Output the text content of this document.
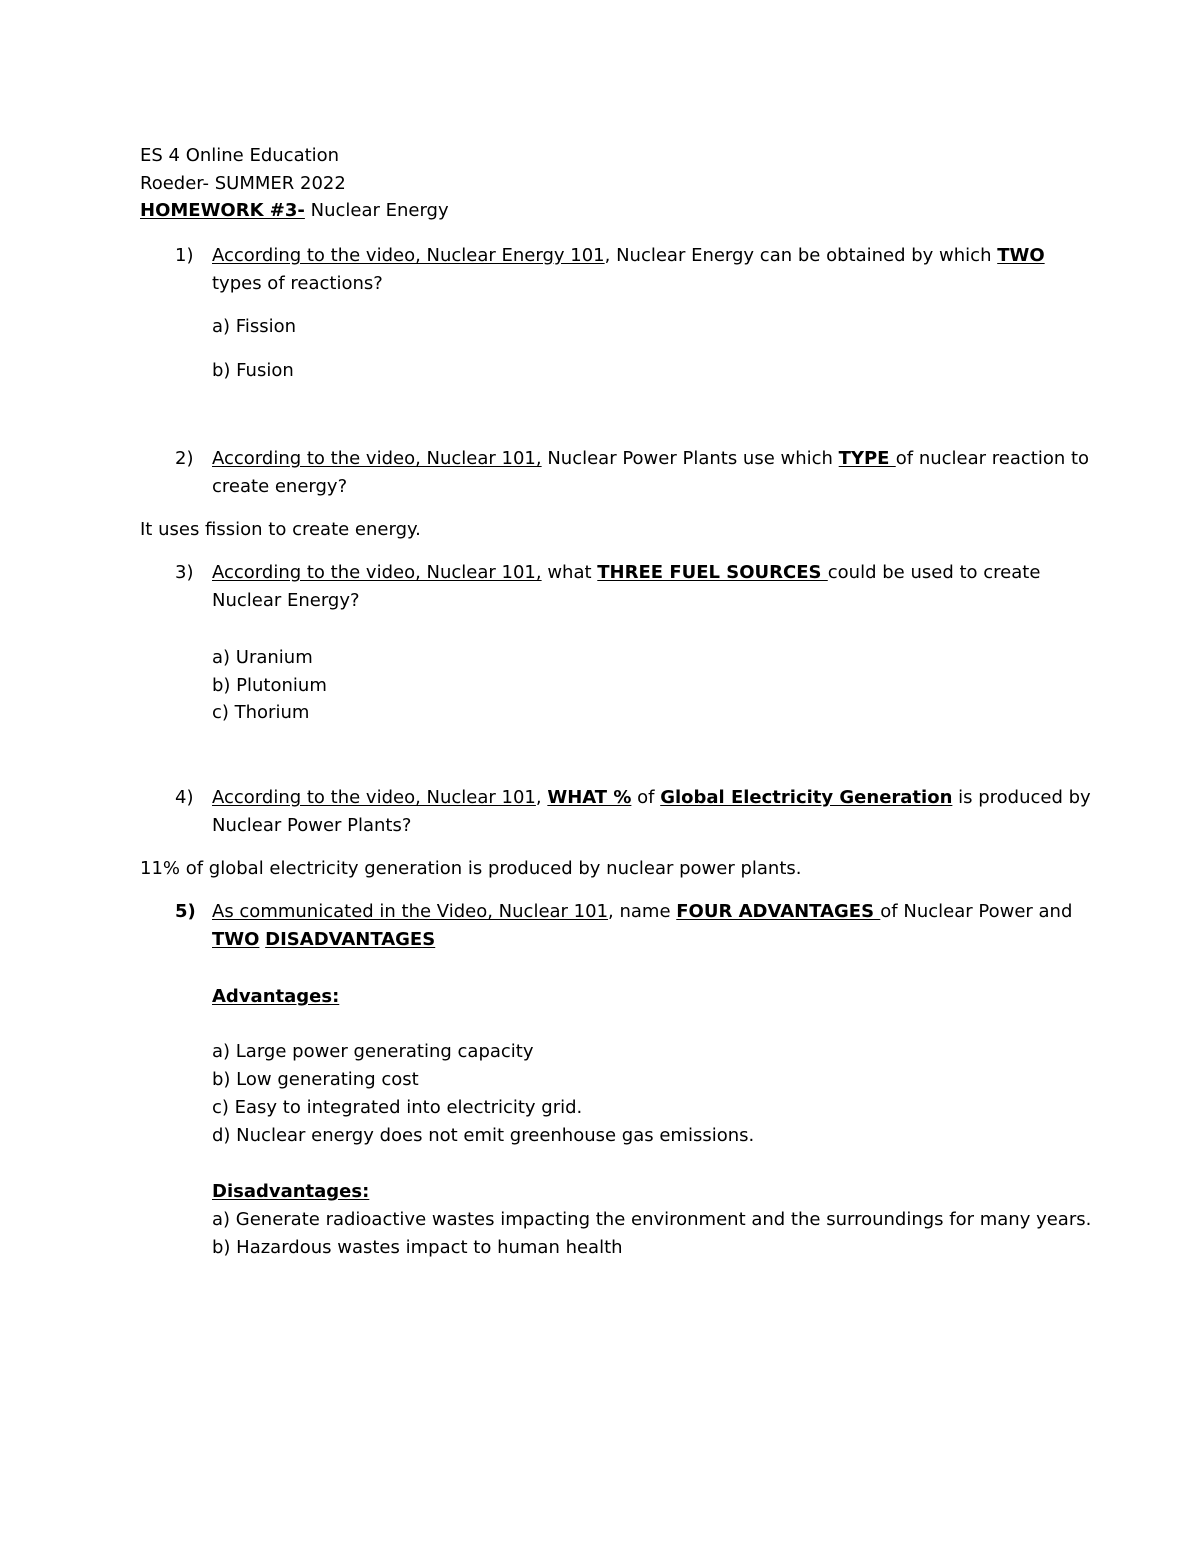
ES 4 Online Education
Roeder- SUMMER 2022
HOMEWORK #3- Nuclear Energy
1) According to the video, Nuclear Energy 101, Nuclear Energy can be obtained by which TWO
types of reactions?
a) Fission
b) Fusion
2) According to the video, Nuclear 101, Nuclear Power Plants use which TYPE of nuclear reaction to
create energy?
It uses fission to create energy.
3) According to the video, Nuclear 101, what THREE FUEL SOURCES could be used to create
Nuclear Energy?
a) Uranium
b) Plutonium
c) Thorium
4) According to the video, Nuclear 101, WHAT % of Global Electricity Generation is produced by
Nuclear Power Plants?
11% of global electricity generation is produced by nuclear power plants.
5) As communicated in the Video, Nuclear 101, name FOUR ADVANTAGES of Nuclear Power and
TWO DISADVANTAGES
Advantages:
a) Large power generating capacity
b) Low generating cost
c) Easy to integrated into electricity grid.
d) Nuclear energy does not emit greenhouse gas emissions.
Disadvantages:
a) Generate radioactive wastes impacting the environment and the surroundings for many years.
b) Hazardous wastes impact to human health
